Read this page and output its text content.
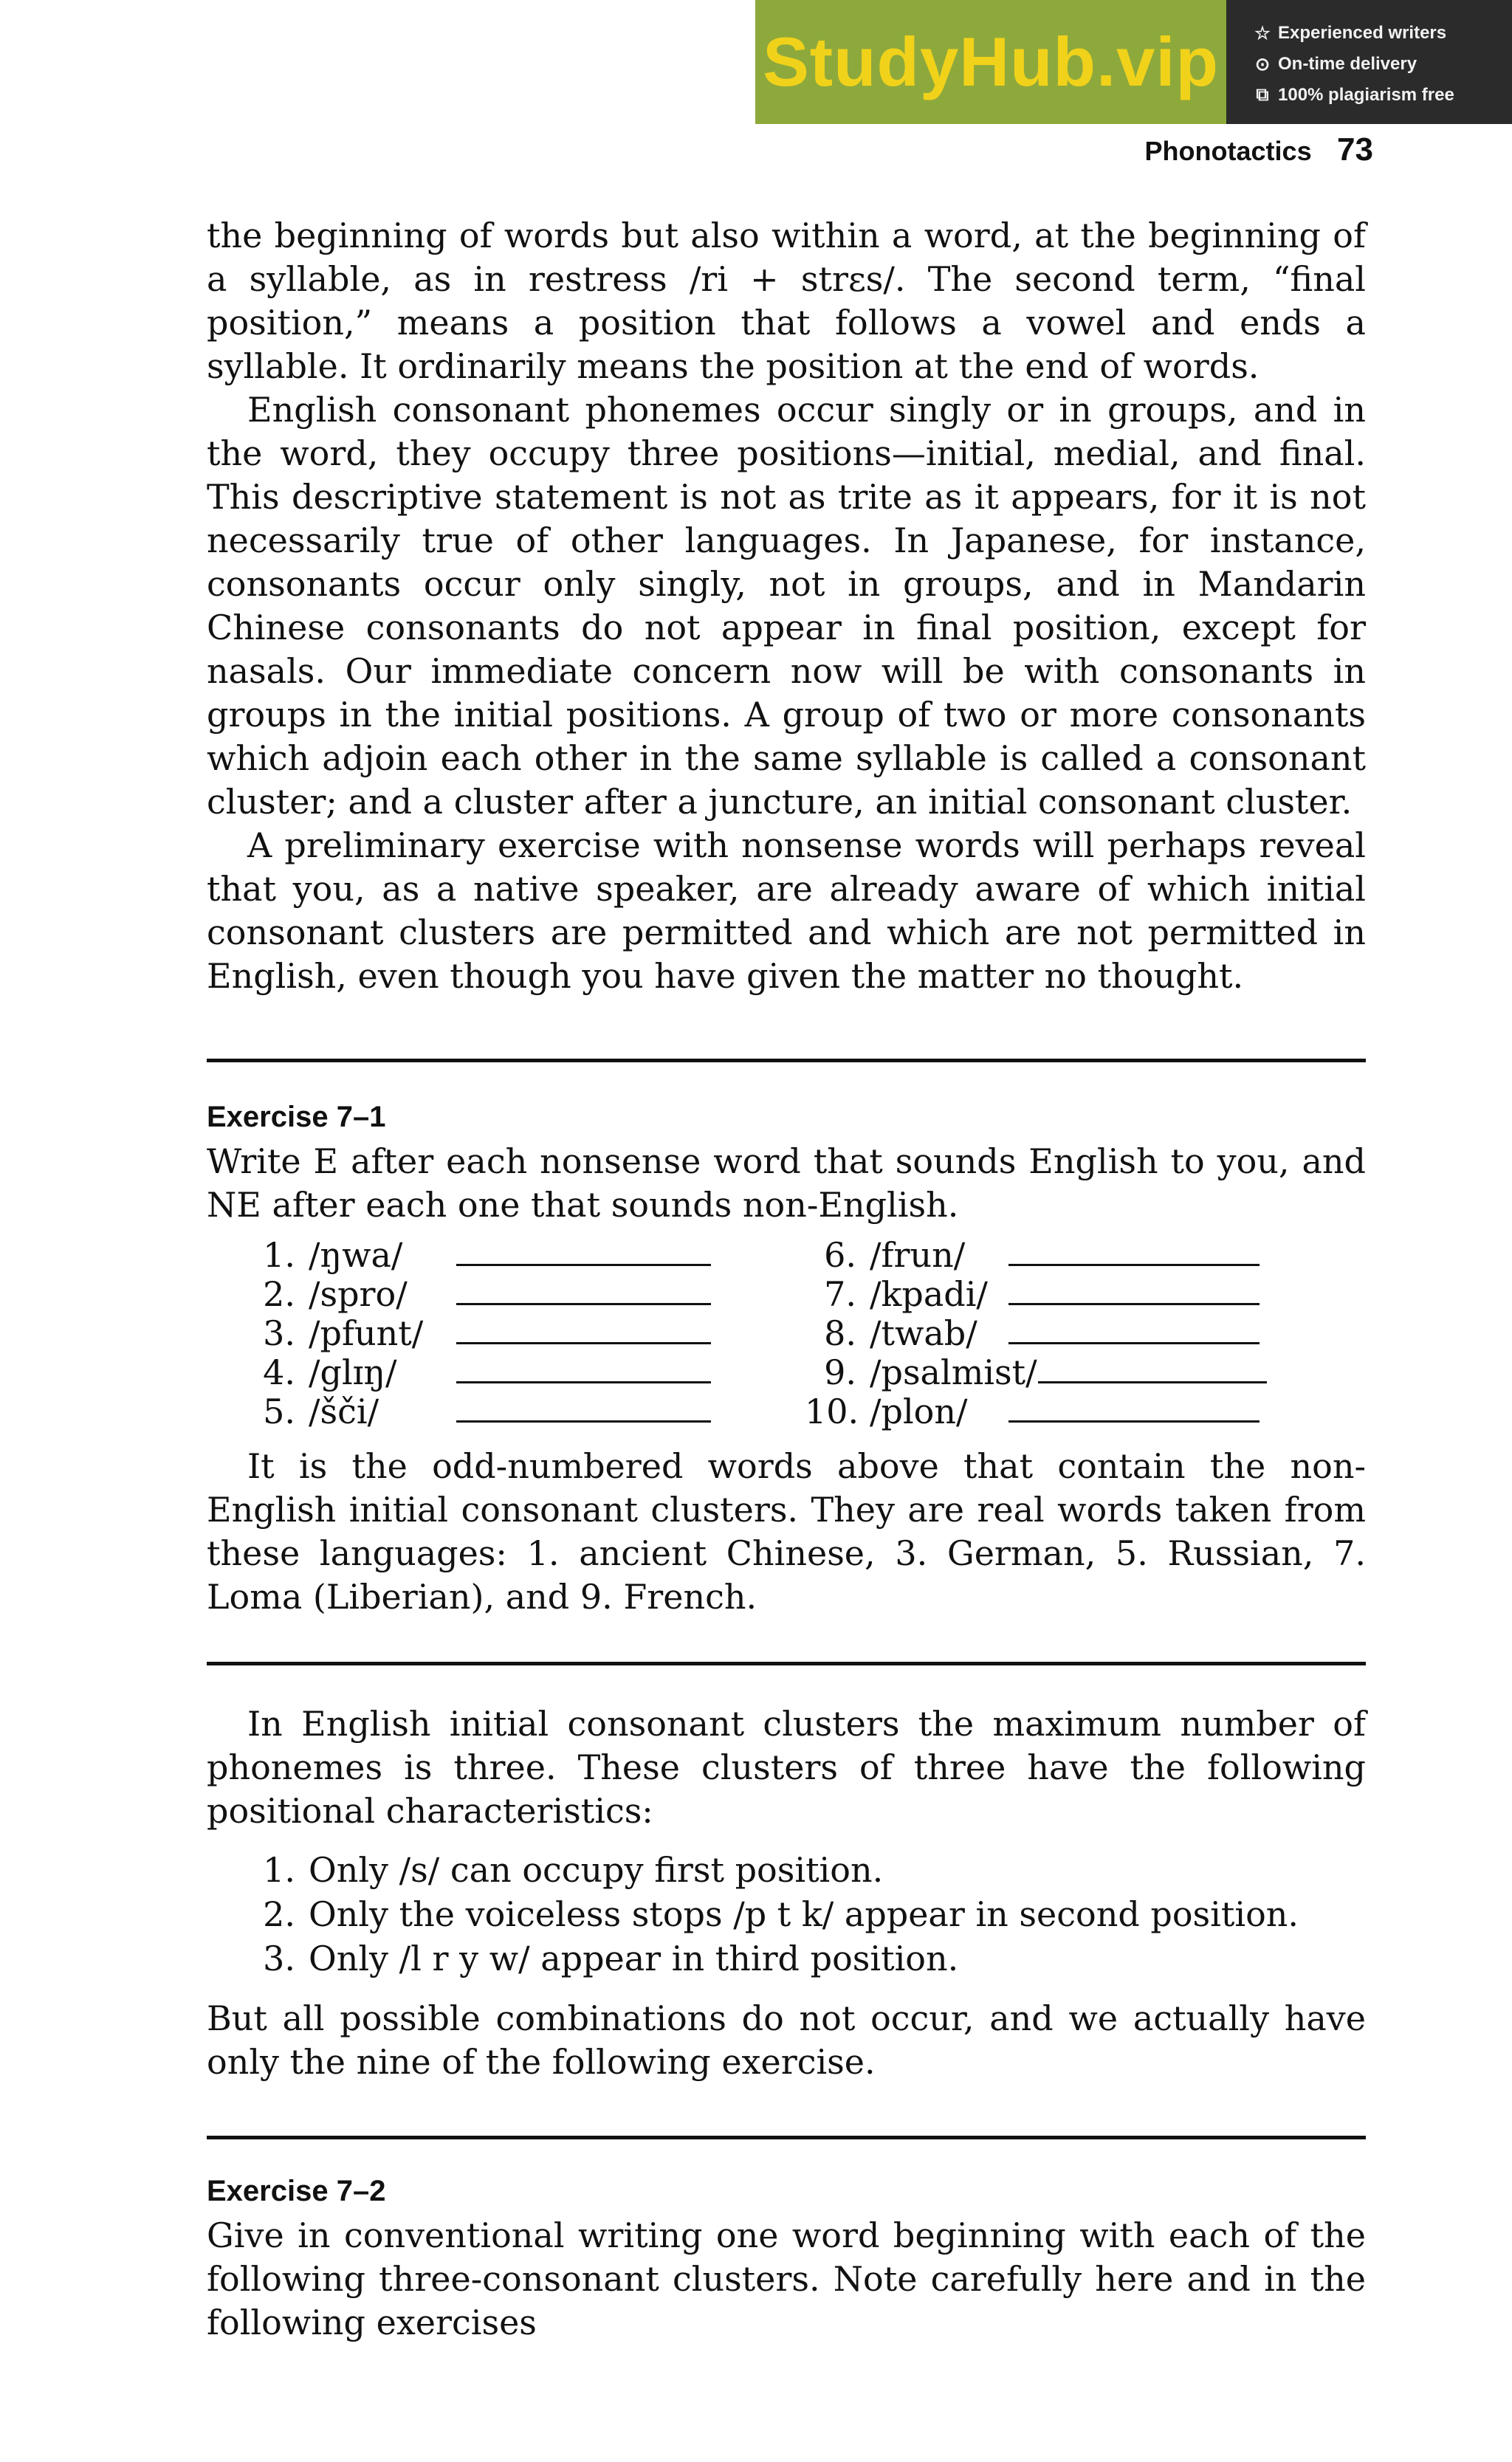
StudyHub.vip ☆ Experienced writers
⊙ On-time delivery
⧉ 100% plagiarism free
Phonotactics 73

the beginning of words but also within a word, at the beginning of a syllable, as in restress /ri + strɛs/. The second term, “final position,” means a position that follows a vowel and ends a syllable. It ordinarily means the position at the end of words.

English consonant phonemes occur singly or in groups, and in the word, they occupy three positions—initial, medial, and final. This descriptive statement is not as trite as it appears, for it is not necessarily true of other languages. In Japanese, for instance, consonants occur only singly, not in groups, and in Mandarin Chinese consonants do not appear in final position, except for nasals. Our immediate concern now will be with consonants in groups in the initial positions. A group of two or more consonants which adjoin each other in the same syllable is called a consonant cluster; and a cluster after a juncture, an initial consonant cluster.

A preliminary exercise with nonsense words will perhaps reveal that you, as a native speaker, are already aware of which initial consonant clusters are permitted and which are not permitted in English, even though you have given the matter no thought.

Exercise 7–1

Write E after each nonsense word that sounds English to you, and NE after each one that sounds non-English.

1. /ŋwa/
2. /spro/
3. /pfunt/
4. /glɪŋ/
5. /šči/
6. /frun/
7. /kpadi/
8. /twab/
9. /psalmist/
10. /plon/

It is the odd-numbered words above that contain the non-English initial consonant clusters. They are real words taken from these languages: 1. ancient Chinese, 3. German, 5. Russian, 7. Loma (Liberian), and 9. French.

In English initial consonant clusters the maximum number of phonemes is three. These clusters of three have the following positional characteristics:

1. Only /s/ can occupy first position.
2. Only the voiceless stops /p t k/ appear in second position.
3. Only /l r y w/ appear in third position.

But all possible combinations do not occur, and we actually have only the nine of the following exercise.

Exercise 7–2

Give in conventional writing one word beginning with each of the following three-consonant clusters. Note carefully here and in the following exercises
